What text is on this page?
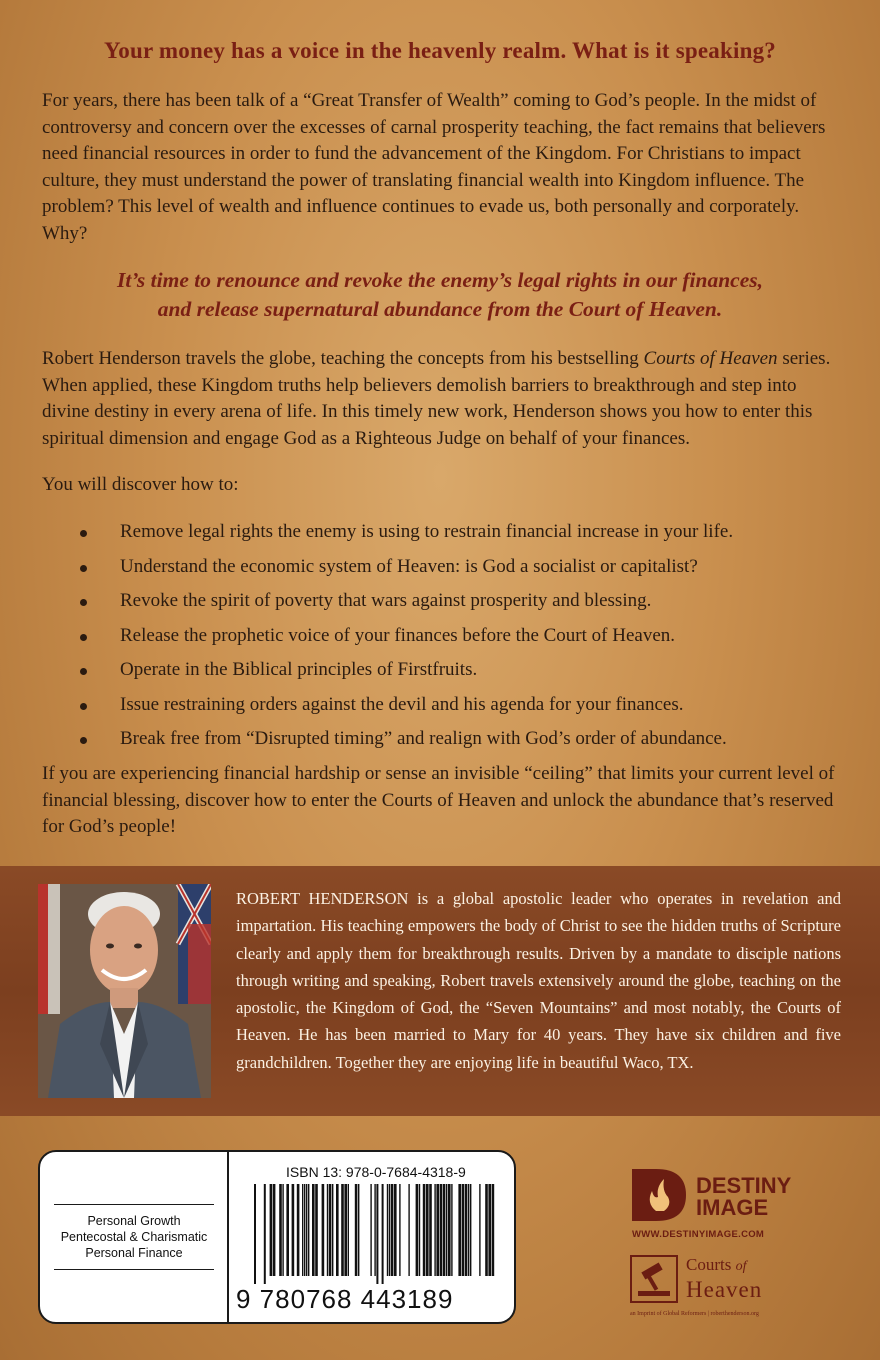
Your money has a voice in the heavenly realm. What is it speaking?
For years, there has been talk of a “Great Transfer of Wealth” coming to God’s people. In the midst of controversy and concern over the excesses of carnal prosperity teaching, the fact remains that believers need financial resources in order to fund the advancement of the Kingdom. For Christians to impact culture, they must understand the power of translating financial wealth into Kingdom influence. The problem? This level of wealth and influence continues to evade us, both personally and corporately. Why?
It’s time to renounce and revoke the enemy’s legal rights in our finances,
and release supernatural abundance from the Court of Heaven.
Robert Henderson travels the globe, teaching the concepts from his bestselling Courts of Heaven series. When applied, these Kingdom truths help believers demolish barriers to breakthrough and step into divine destiny in every arena of life. In this timely new work, Henderson shows you how to enter this spiritual dimension and engage God as a Righteous Judge on behalf of your finances.
You will discover how to:
Remove legal rights the enemy is using to restrain financial increase in your life.
Understand the economic system of Heaven: is God a socialist or capitalist?
Revoke the spirit of poverty that wars against prosperity and blessing.
Release the prophetic voice of your finances before the Court of Heaven.
Operate in the Biblical principles of Firstfruits.
Issue restraining orders against the devil and his agenda for your finances.
Break free from “Disrupted timing” and realign with God’s order of abundance.
If you are experiencing financial hardship or sense an invisible “ceiling” that limits your current level of financial blessing, discover how to enter the Courts of Heaven and unlock the abundance that’s reserved for God’s people!
ROBERT HENDERSON is a global apostolic leader who operates in revelation and impartation. His teaching empowers the body of Christ to see the hidden truths of Scripture clearly and apply them for breakthrough results. Driven by a mandate to disciple nations through writing and speaking, Robert travels extensively around the globe, teaching on the apostolic, the Kingdom of God, the “Seven Mountains” and most notably, the Courts of Heaven. He has been married to Mary for 40 years. They have six children and five grandchildren. Together they are enjoying life in beautiful Waco, TX.
Personal Growth
Pentecostal & Charismatic
Personal Finance
ISBN 13: 978-0-7684-4318-9
9 780768 443189
DESTINY
IMAGE
WWW.DESTINYIMAGE.COM
Courts of
Heaven
an Imprint of Global Reformers | roberthenderson.org
